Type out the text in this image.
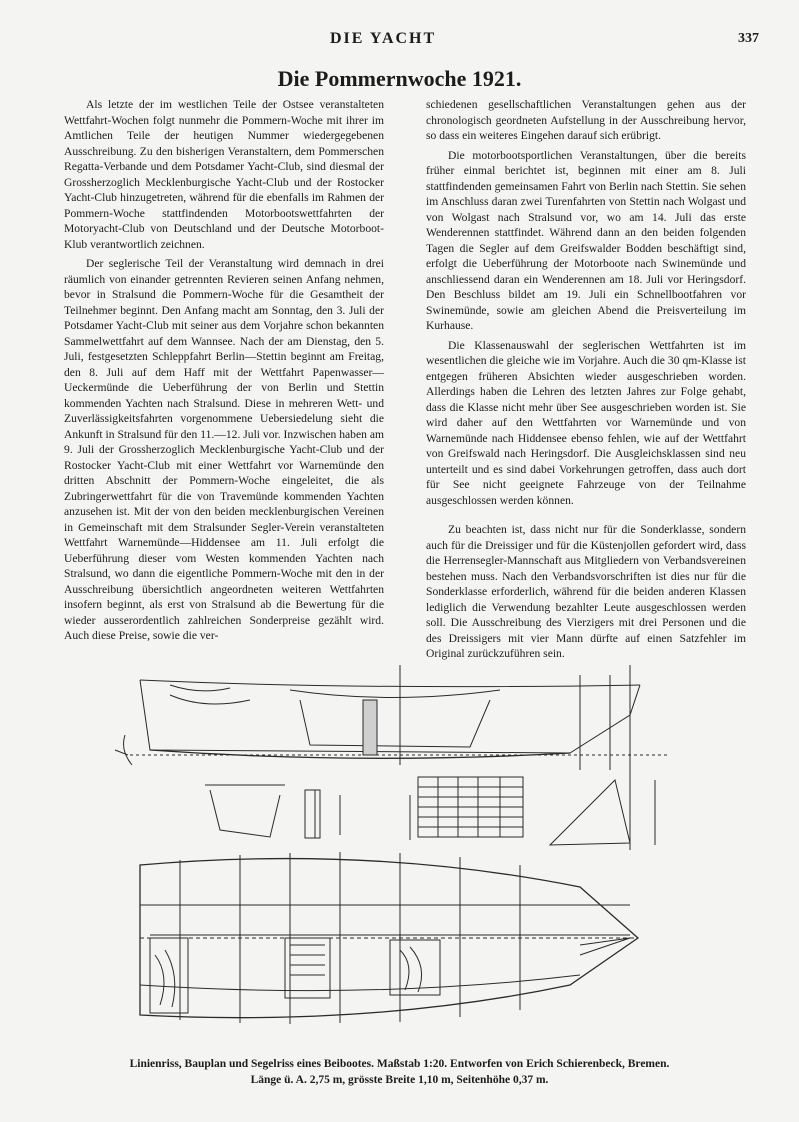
DIE YACHT	337
Die Pommernwoche 1921.

Als letzte der im westlichen Teile der Ostsee veranstalteten Wettfahrt-Wochen folgt nunmehr die Pommern-Woche mit ihrer im Amtlichen Teile der heutigen Nummer wiedergegebenen Ausschreibung. Zu den bisherigen Veranstaltern, dem Pommerschen Regatta-Verbande und dem Potsdamer Yacht-Club, sind diesmal der Grossherzoglich Mecklenburgische Yacht-Club und der Rostocker Yacht-Club hinzugetreten, während für die ebenfalls im Rahmen der Pommern-Woche stattfindenden Motorbootswettfahrten der Motoryacht-Club von Deutschland und der Deutsche Motorboot-Klub verantwortlich zeichnen.

Der seglerische Teil der Veranstaltung wird demnach in drei räumlich von einander getrennten Revieren seinen Anfang nehmen, bevor in Stralsund die Pommern-Woche für die Gesamtheit der Teilnehmer beginnt. Den Anfang macht am Sonntag, den 3. Juli der Potsdamer Yacht-Club mit seiner aus dem Vorjahre schon bekannten Sammelwettfahrt auf dem Wannsee. Nach der am Dienstag, den 5. Juli, festgesetzten Schleppfahrt Berlin—Stettin beginnt am Freitag, den 8. Juli auf dem Haff mit der Wettfahrt Papenwasser—Ueckermünde die Ueberführung der von Berlin und Stettin kommenden Yachten nach Stralsund. Diese in mehreren Wett- und Zuverlässigkeitsfahrten vorgenommene Uebersiedelung sieht die Ankunft in Stralsund für den 11.—12. Juli vor. Inzwischen haben am 9. Juli der Grossherzoglich Mecklenburgische Yacht-Club und der Rostocker Yacht-Club mit einer Wettfahrt vor Warnemünde den dritten Abschnitt der Pommern-Woche eingeleitet, die als Zubringerwettfahrt für die von Travemünde kommenden Yachten anzusehen ist. Mit der von den beiden mecklenburgischen Vereinen in Gemeinschaft mit dem Stralsunder Segler-Verein veranstalteten Wettfahrt Warnemünde—Hiddensee am 11. Juli erfolgt die Ueberführung dieser vom Westen kommenden Yachten nach Stralsund, wo dann die eigentliche Pommern-Woche mit den in der Ausschreibung übersichtlich angeordneten weiteren Wettfahrten insofern beginnt, als erst von Stralsund ab die Bewertung für die wieder ausserordentlich zahlreichen Sonderpreise gezählt wird. Auch diese Preise, sowie die ver-

schiedenen gesellschaftlichen Veranstaltungen gehen aus der chronologisch geordneten Aufstellung in der Ausschreibung hervor, so dass ein weiteres Eingehen darauf sich erübrigt.

Die motorbootsportlichen Veranstaltungen, über die bereits früher einmal berichtet ist, beginnen mit einer am 8. Juli stattfindenden gemeinsamen Fahrt von Berlin nach Stettin. Sie sehen im Anschluss daran zwei Turenfahrten von Stettin nach Wolgast und von Wolgast nach Stralsund vor, wo am 14. Juli das erste Wenderennen stattfindet. Während dann an den beiden folgenden Tagen die Segler auf dem Greifswalder Bodden beschäftigt sind, erfolgt die Ueberführung der Motorboote nach Swinemünde und anschliessend daran ein Wenderennen am 18. Juli vor Heringsdorf. Den Beschluss bildet am 19. Juli ein Schnellbootfahren vor Swinemünde, sowie am gleichen Abend die Preisverteilung im Kurhause.

Die Klassenauswahl der seglerischen Wettfahrten ist im wesentlichen die gleiche wie im Vorjahre. Auch die 30 qm-Klasse ist entgegen früheren Absichten wieder ausgeschrieben worden. Allerdings haben die Lehren des letzten Jahres zur Folge gehabt, dass die Klasse nicht mehr über See ausgeschrieben worden ist. Sie wird daher auf den Wettfahrten vor Warnemünde und von Warnemünde nach Hiddensee ebenso fehlen, wie auf der Wettfahrt von Greifswald nach Heringsdorf. Die Ausgleichsklassen sind neu unterteilt und es sind dabei Vorkehrungen getroffen, dass auch dort für See nicht geeignete Fahrzeuge von der Teilnahme ausgeschlossen werden können.

Zu beachten ist, dass nicht nur für die Sonderklasse, sondern auch für die Dreissiger und für die Küstenjollen gefordert wird, dass die Herrensegler-Mannschaft aus Mitgliedern von Verbandsvereinen bestehen muss. Nach den Verbandsvorschriften ist dies nur für die Sonderklasse erforderlich, während für die beiden anderen Klassen lediglich die Verwendung bezahlter Leute ausgeschlossen werden soll. Die Ausschreibung des Vierzigers mit drei Personen und die des Dreissigers mit vier Mann dürfte auf einen Satzfehler im Original zurückzuführen sein.

Linienriss, Bauplan und Segelriss eines Beibootes. Maßstab 1:20. Entworfen von Erich Schierenbeck, Bremen.
Länge ü. A. 2,75 m, grösste Breite 1,10 m, Seitenhöhe 0,37 m.
